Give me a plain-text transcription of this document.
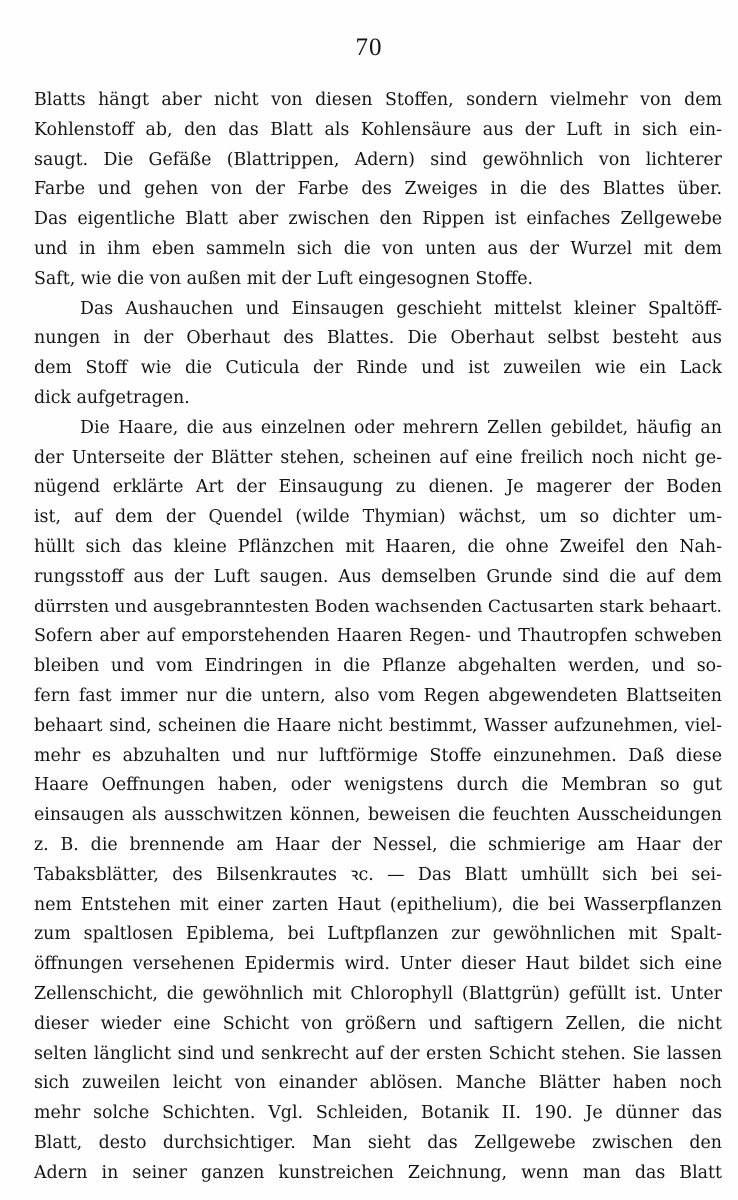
70
Blatts hängt aber nicht von diesen Stoffen, sondern vielmehr von dem
Kohlenstoff ab, den das Blatt als Kohlensäure aus der Luft in sich ein-
saugt. Die Gefäße (Blattrippen, Adern) sind gewöhnlich von lichterer
Farbe und gehen von der Farbe des Zweiges in die des Blattes über.
Das eigentliche Blatt aber zwischen den Rippen ist einfaches Zellgewebe
und in ihm eben sammeln sich die von unten aus der Wurzel mit dem
Saft, wie die von außen mit der Luft eingesognen Stoffe.
Das Aushauchen und Einsaugen geschieht mittelst kleiner Spaltöff-
nungen in der Oberhaut des Blattes. Die Oberhaut selbst besteht aus
dem Stoff wie die Cuticula der Rinde und ist zuweilen wie ein Lack
dick aufgetragen.
Die Haare, die aus einzelnen oder mehrern Zellen gebildet, häufig an
der Unterseite der Blätter stehen, scheinen auf eine freilich noch nicht ge-
nügend erklärte Art der Einsaugung zu dienen. Je magerer der Boden
ist, auf dem der Quendel (wilde Thymian) wächst, um so dichter um-
hüllt sich das kleine Pflänzchen mit Haaren, die ohne Zweifel den Nah-
rungsstoff aus der Luft saugen. Aus demselben Grunde sind die auf dem
dürrsten und ausgebranntesten Boden wachsenden Cactusarten stark behaart.
Sofern aber auf emporstehenden Haaren Regen- und Thautropfen schweben
bleiben und vom Eindringen in die Pflanze abgehalten werden, und so-
fern fast immer nur die untern, also vom Regen abgewendeten Blattseiten
behaart sind, scheinen die Haare nicht bestimmt, Wasser aufzunehmen, viel-
mehr es abzuhalten und nur luftförmige Stoffe einzunehmen. Daß diese
Haare Oeffnungen haben, oder wenigstens durch die Membran so gut
einsaugen als ausschwitzen können, beweisen die feuchten Ausscheidungen
z. B. die brennende am Haar der Nessel, die schmierige am Haar der
Tabaksblätter, des Bilsenkrautes ꝛc. — Das Blatt umhüllt sich bei sei-
nem Entstehen mit einer zarten Haut (epithelium), die bei Wasserpflanzen
zum spaltlosen Epiblema, bei Luftpflanzen zur gewöhnlichen mit Spalt-
öffnungen versehenen Epidermis wird. Unter dieser Haut bildet sich eine
Zellenschicht, die gewöhnlich mit Chlorophyll (Blattgrün) gefüllt ist. Unter
dieser wieder eine Schicht von größern und saftigern Zellen, die nicht
selten länglicht sind und senkrecht auf der ersten Schicht stehen. Sie lassen
sich zuweilen leicht von einander ablösen. Manche Blätter haben noch
mehr solche Schichten. Vgl. Schleiden, Botanik II. 190. Je dünner das
Blatt, desto durchsichtiger. Man sieht das Zellgewebe zwischen den
Adern in seiner ganzen kunstreichen Zeichnung, wenn man das Blatt
